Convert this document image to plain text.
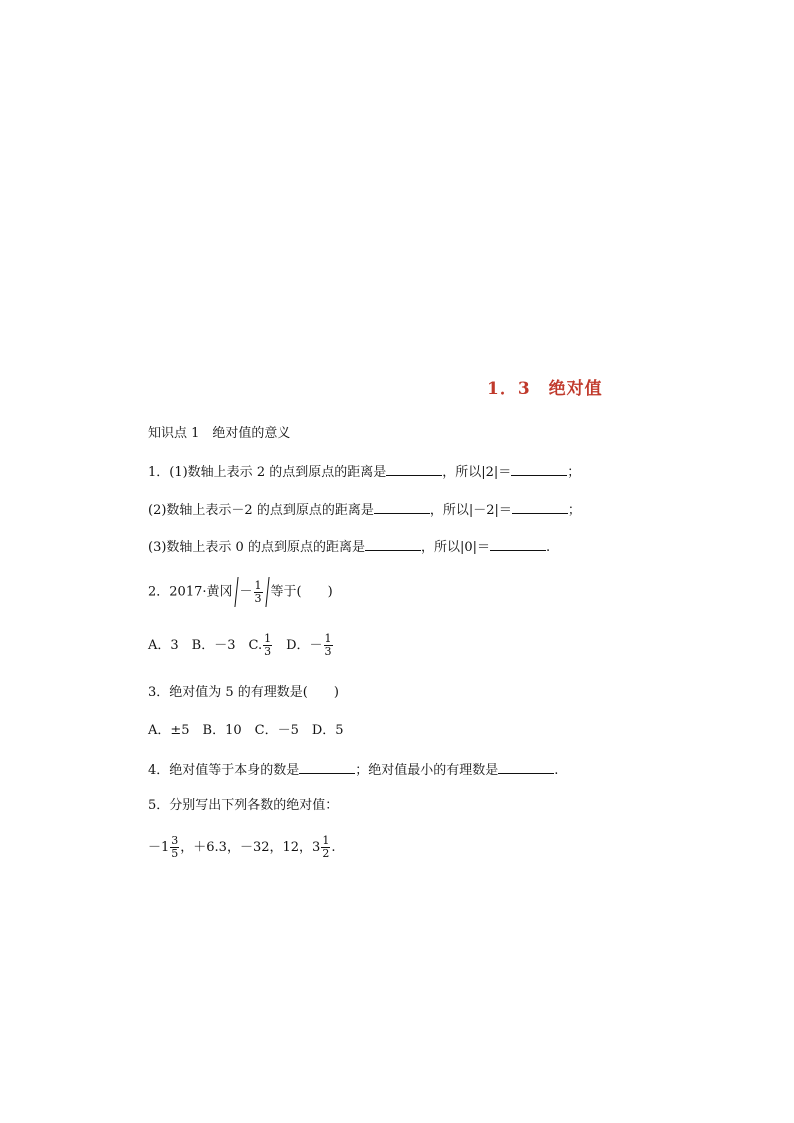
1．3 绝对值
知识点 1　绝对值的意义
1．(1)数轴上表示 2 的点到原点的距离是	，所以|2|＝	；
(2)数轴上表示－2 的点到原点的距离是	，所以|－2|＝	；
(3)数轴上表示 0 的点到原点的距离是	，所以|0|＝	.
2．2017·黄冈 － $\frac{1}{3}$ 等于(　　)
A．3　B．－3　C. $\frac{1}{3}$ 　D．－ $\frac{1}{3}$
3．绝对值为 5 的有理数是(　　)
A．±5　B．10　C．－5　D．5
4．绝对值等于本身的数是	；绝对值最小的有理数是	.
5．分别写出下列各数的绝对值：
$-1 \frac{3}{5}$ ，＋6.3，－32，12，$3 \frac{1}{2}$ .
